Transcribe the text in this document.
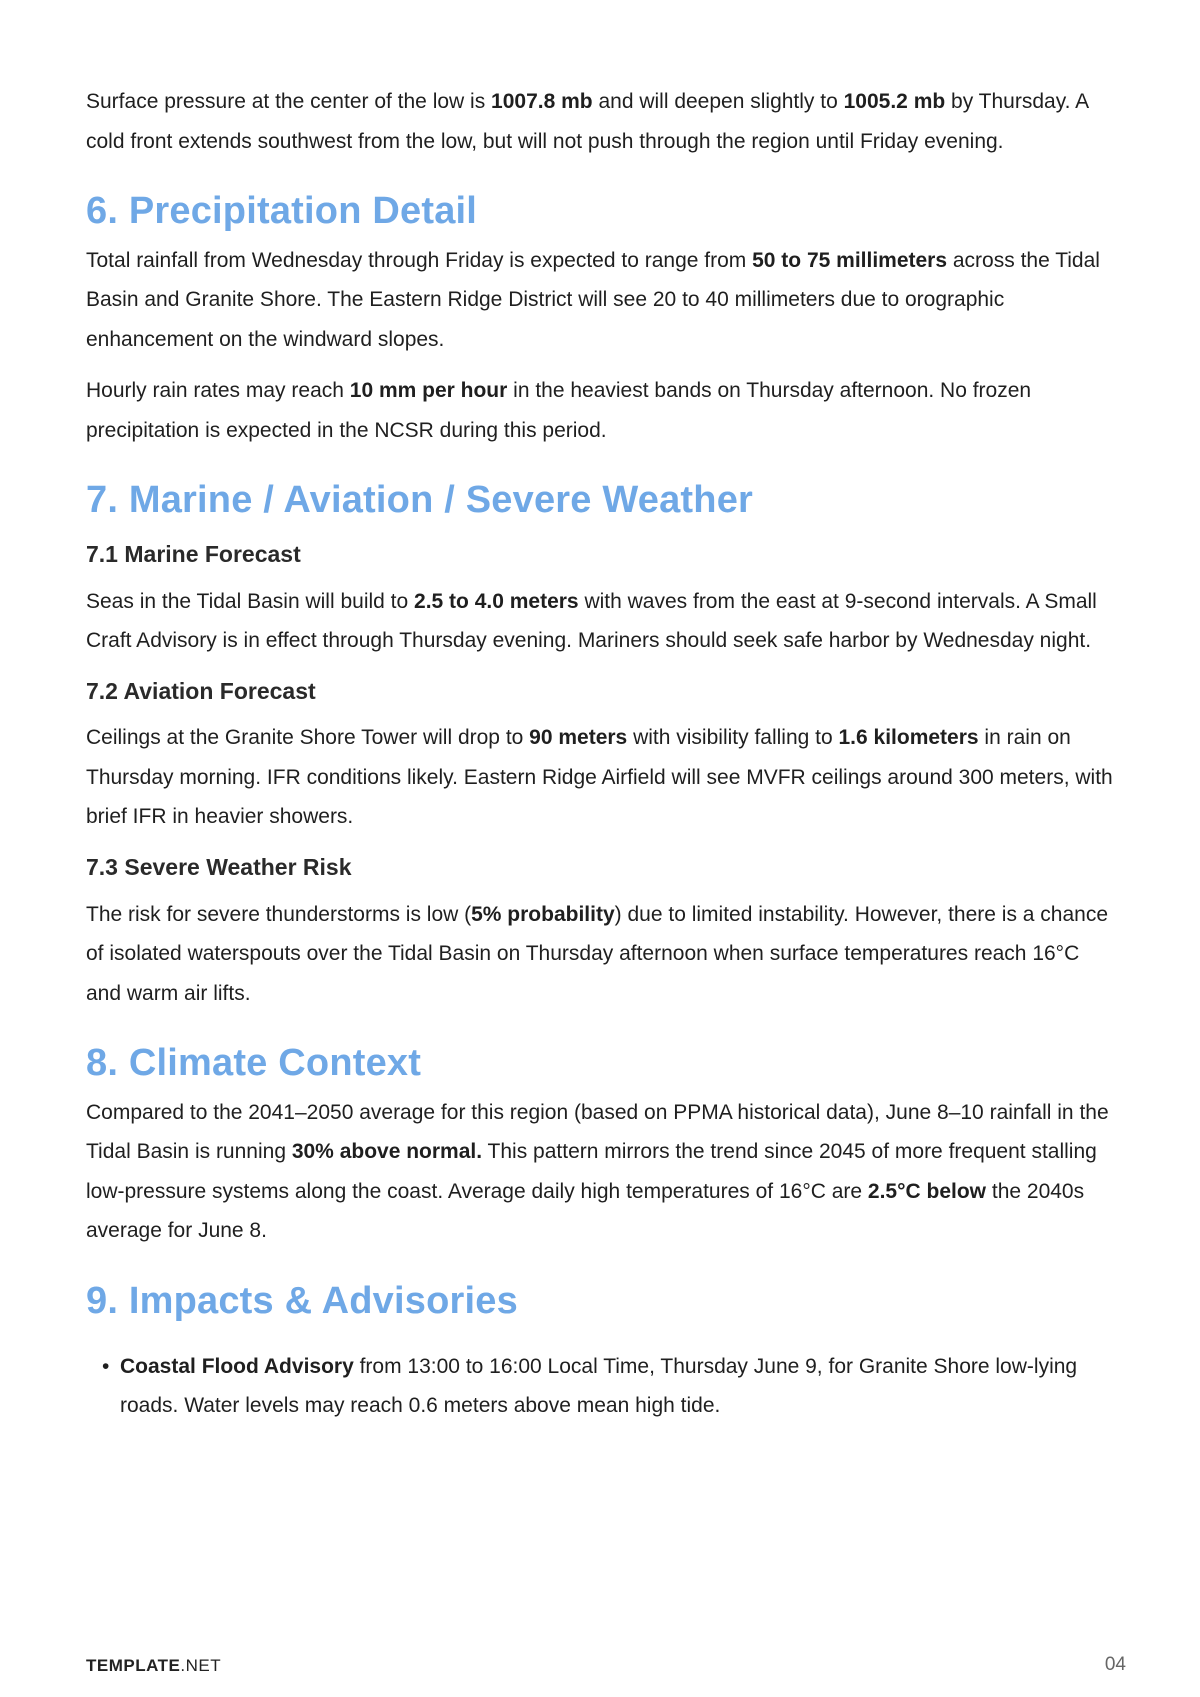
Surface pressure at the center of the low is 1007.8 mb and will deepen slightly to 1005.2 mb by Thursday. A cold front extends southwest from the low, but will not push through the region until Friday evening.

6. Precipitation Detail

Total rainfall from Wednesday through Friday is expected to range from 50 to 75 millimeters across the Tidal Basin and Granite Shore. The Eastern Ridge District will see 20 to 40 millimeters due to orographic enhancement on the windward slopes.

Hourly rain rates may reach 10 mm per hour in the heaviest bands on Thursday afternoon. No frozen precipitation is expected in the NCSR during this period.

7. Marine / Aviation / Severe Weather
7.1 Marine Forecast

Seas in the Tidal Basin will build to 2.5 to 4.0 meters with waves from the east at 9-second intervals. A Small Craft Advisory is in effect through Thursday evening. Mariners should seek safe harbor by Wednesday night.

7.2 Aviation Forecast

Ceilings at the Granite Shore Tower will drop to 90 meters with visibility falling to 1.6 kilometers in rain on Thursday morning. IFR conditions likely. Eastern Ridge Airfield will see MVFR ceilings around 300 meters, with brief IFR in heavier showers.

7.3 Severe Weather Risk

The risk for severe thunderstorms is low (5% probability) due to limited instability. However, there is a chance of isolated waterspouts over the Tidal Basin on Thursday afternoon when surface temperatures reach 16°C and warm air lifts.

8. Climate Context

Compared to the 2041–2050 average for this region (based on PPMA historical data), June 8–10 rainfall in the Tidal Basin is running 30% above normal. This pattern mirrors the trend since 2045 of more frequent stalling low-pressure systems along the coast. Average daily high temperatures of 16°C are 2.5°C below the 2040s average for June 8.

9. Impacts & Advisories
• Coastal Flood Advisory from 13:00 to 16:00 Local Time, Thursday June 9, for Granite Shore low-lying roads. Water levels may reach 0.6 meters above mean high tide.
TEMPLATE.NET	04
